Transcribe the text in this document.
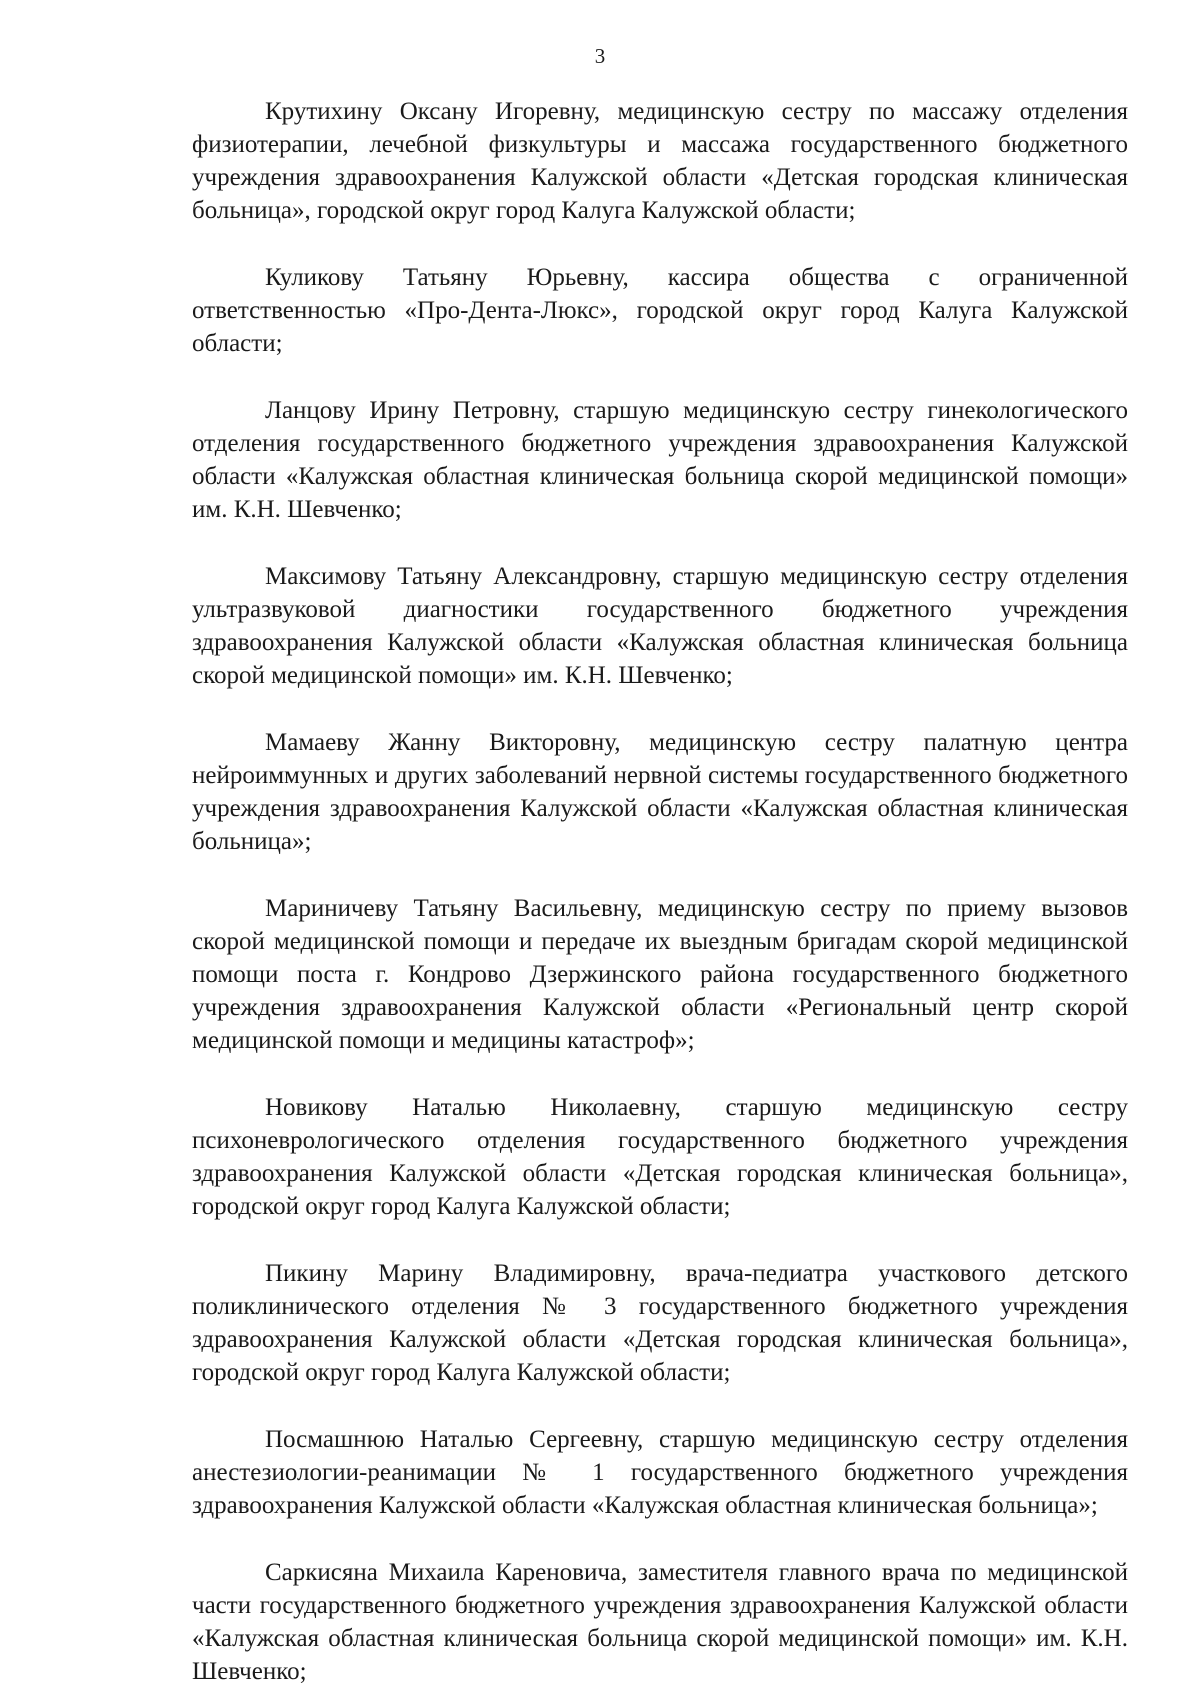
3

Крутихину Оксану Игоревну, медицинскую сестру по массажу отделения физиотерапии, лечебной физкультуры и массажа государственного бюджетного учреждения здравоохранения Калужской области «Детская городская клиническая больница», городской округ город Калуга Калужской области;

Куликову Татьяну Юрьевну, кассира общества с ограниченной ответственностью «Про-Дента-Люкс», городской округ город Калуга Калужской области;

Ланцову Ирину Петровну, старшую медицинскую сестру гинекологического отделения государственного бюджетного учреждения здравоохранения Калужской области «Калужская областная клиническая больница скорой медицинской помощи» им. К.Н. Шевченко;

Максимову Татьяну Александровну, старшую медицинскую сестру отделения ультразвуковой диагностики государственного бюджетного учреждения здравоохранения Калужской области «Калужская областная клиническая больница скорой медицинской помощи» им. К.Н. Шевченко;

Мамаеву Жанну Викторовну, медицинскую сестру палатную центра нейроиммунных и других заболеваний нервной системы государственного бюджетного учреждения здравоохранения Калужской области «Калужская областная клиническая больница»;

Мариничеву Татьяну Васильевну, медицинскую сестру по приему вызовов скорой медицинской помощи и передаче их выездным бригадам скорой медицинской помощи поста г. Кондрово Дзержинского района государственного бюджетного учреждения здравоохранения Калужской области «Региональный центр скорой медицинской помощи и медицины катастроф»;

Новикову Наталью Николаевну, старшую медицинскую сестру психоневрологического отделения государственного бюджетного учреждения здравоохранения Калужской области «Детская городская клиническая больница», городской округ город Калуга Калужской области;

Пикину Марину Владимировну, врача-педиатра участкового детского поликлинического отделения № 3 государственного бюджетного учреждения здравоохранения Калужской области «Детская городская клиническая больница», городской округ город Калуга Калужской области;

Посмашнюю Наталью Сергеевну, старшую медицинскую сестру отделения анестезиологии-реанимации № 1 государственного бюджетного учреждения здравоохранения Калужской области «Калужская областная клиническая больница»;

Саркисяна Михаила Кареновича, заместителя главного врача по медицинской части государственного бюджетного учреждения здравоохранения Калужской области «Калужская областная клиническая больница скорой медицинской помощи» им. К.Н. Шевченко;
